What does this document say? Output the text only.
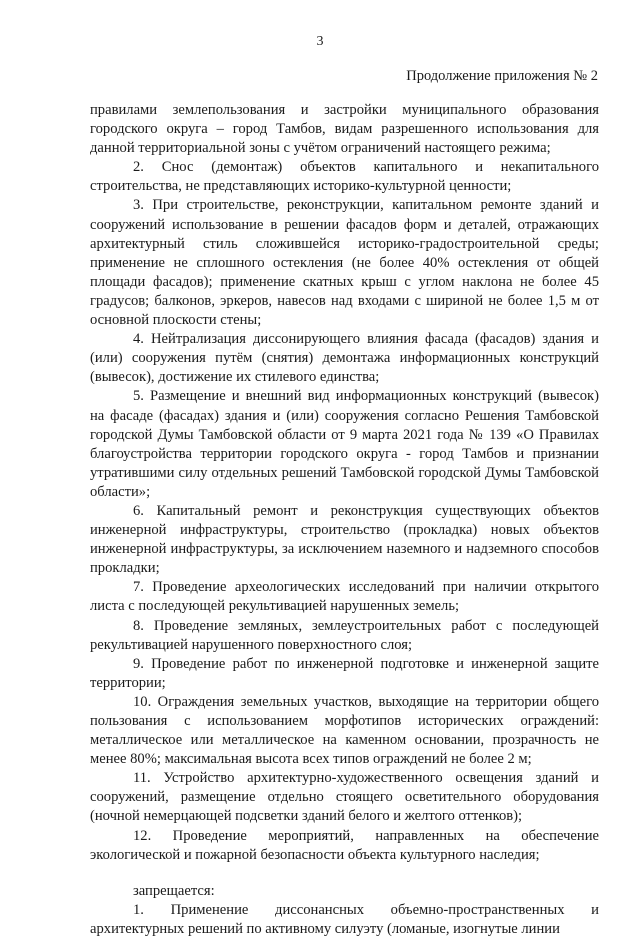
3
Продолжение приложения № 2

правилами землепользования и застройки муниципального образования городского округа – город Тамбов, видам разрешенного использования для данной территориальной зоны с учётом ограничений настоящего режима;

2. Снос (демонтаж) объектов капитального и некапитального строительства, не представляющих историко-культурной ценности;

3. При строительстве, реконструкции, капитальном ремонте зданий и сооружений использование в решении фасадов форм и деталей, отражающих архитектурный стиль сложившейся историко-градостроительной среды; применение не сплошного остекления (не более 40% остекления от общей площади фасадов); применение скатных крыш с углом наклона не более 45 градусов; балконов, эркеров, навесов над входами с шириной не более 1,5 м от основной плоскости стены;

4. Нейтрализация диссонирующего влияния фасада (фасадов) здания и (или) сооружения путём (снятия) демонтажа информационных конструкций (вывесок), достижение их стилевого единства;

5. Размещение и внешний вид информационных конструкций (вывесок) на фасаде (фасадах) здания и (или) сооружения согласно Решения Тамбовской городской Думы Тамбовской области от 9 марта 2021 года № 139 «О Правилах благоустройства территории городского округа - город Тамбов и признании утратившими силу отдельных решений Тамбовской городской Думы Тамбовской области»;

6. Капитальный ремонт и реконструкция существующих объектов инженерной инфраструктуры, строительство (прокладка) новых объектов инженерной инфраструктуры, за исключением наземного и надземного способов прокладки;

7. Проведение археологических исследований при наличии открытого листа с последующей рекультивацией нарушенных земель;

8. Проведение земляных, землеустроительных работ с последующей рекультивацией нарушенного поверхностного слоя;

9. Проведение работ по инженерной подготовке и инженерной защите территории;

10. Ограждения земельных участков, выходящие на территории общего пользования с использованием морфотипов исторических ограждений: металлическое или металлическое на каменном основании, прозрачность не менее 80%; максимальная высота всех типов ограждений не более 2 м;

11. Устройство архитектурно-художественного освещения зданий и сооружений, размещение отдельно стоящего осветительного оборудования (ночной немерцающей подсветки зданий белого и желтого оттенков);

12. Проведение мероприятий, направленных на обеспечение экологической и пожарной безопасности объекта культурного наследия;

запрещается:

1. Применение диссонансных объемно-пространственных и архитектурных решений по активному силуэту (ломаные, изогнутые линии
